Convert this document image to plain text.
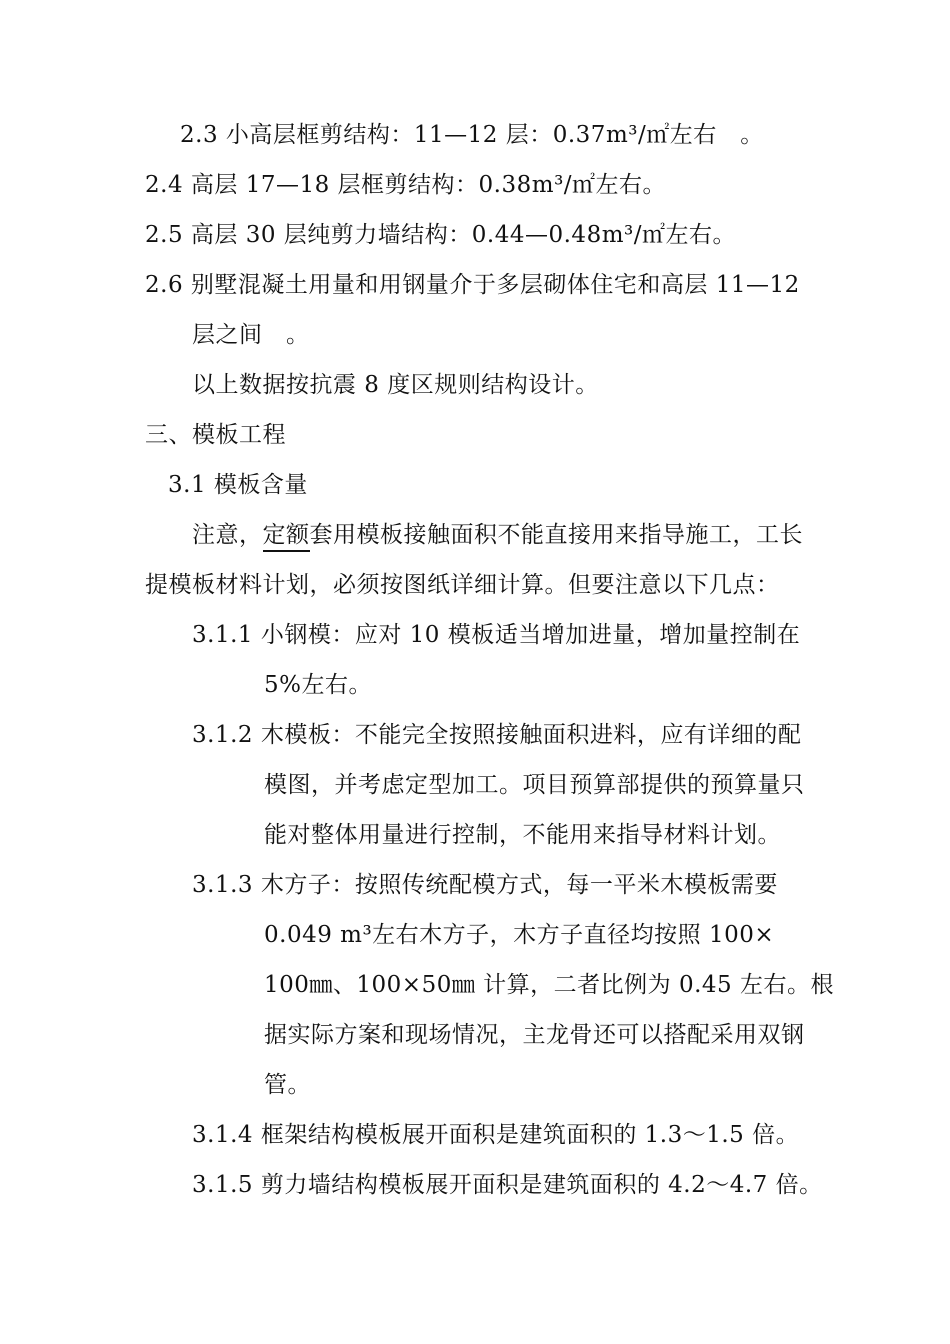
2.3 小高层框剪结构：11—12 层：0.37m³/㎡左右　。
2.4 高层 17—18 层框剪结构：0.38m³/㎡左右。
2.5 高层 30 层纯剪力墙结构：0.44—0.48m³/㎡左右。
2.6 别墅混凝土用量和用钢量介于多层砌体住宅和高层 11—12
层之间　。
以上数据按抗震 8 度区规则结构设计。
三、模板工程
3.1 模板含量
注意，定额套用模板接触面积不能直接用来指导施工，工长
提模板材料计划，必须按图纸详细计算。但要注意以下几点：
3.1.1 小钢模：应对 10 模板适当增加进量，增加量控制在
5%左右。
3.1.2 木模板：不能完全按照接触面积进料，应有详细的配
模图，并考虑定型加工。项目预算部提供的预算量只
能对整体用量进行控制，不能用来指导材料计划。
3.1.3 木方子：按照传统配模方式，每一平米木模板需要
0.049 m³左右木方子，木方子直径均按照 100×
100㎜、100×50㎜ 计算，二者比例为 0.45 左右。根
据实际方案和现场情况，主龙骨还可以搭配采用双钢
管。
3.1.4 框架结构模板展开面积是建筑面积的 1.3～1.5 倍。
3.1.5 剪力墙结构模板展开面积是建筑面积的 4.2～4.7 倍。
